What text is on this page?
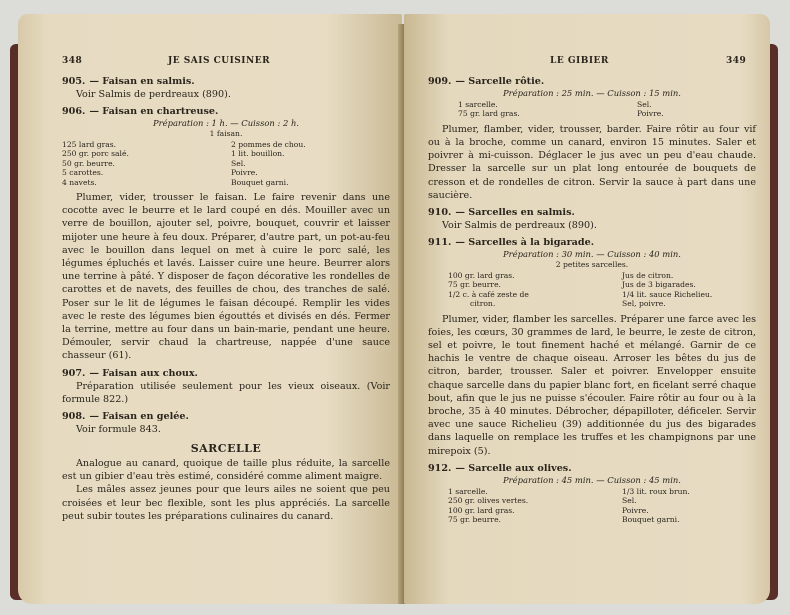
348	JE SAIS CUISINER
905. — Faisan en salmis.
Voir Salmis de perdreaux (890).
906. — Faisan en chartreuse.
Préparation : 1 h. — Cuisson : 2 h.
1 faisan.
125 lard gras.
250 gr. porc salé.
50 gr. beurre.
5 carottes.
4 navets.
2 pommes de chou.
1 lit. bouillon.
Sel.
Poivre.
Bouquet garni.

Plumer, vider, trousser le faisan. Le faire revenir dans une cocotte avec le beurre et le lard coupé en dés. Mouiller avec un verre de bouillon, ajouter sel, poivre, bouquet, couvrir et laisser mijoter une heure à feu doux. Préparer, d'autre part, un pot-au-feu avec le bouillon dans lequel on met à cuire le porc salé, les légumes épluchés et lavés. Laisser cuire une heure. Beurrer alors une terrine à pâté. Y disposer de façon décorative les rondelles de carottes et de navets, des feuilles de chou, des tranches de salé. Poser sur le lit de légumes le faisan découpé. Remplir les vides avec le reste des légumes bien égouttés et divisés en dés. Fermer la terrine, mettre au four dans un bain-marie, pendant une heure. Démouler, servir chaud la chartreuse, nappée d'une sauce chasseur (61).

907. — Faisan aux choux.

Préparation utilisée seulement pour les vieux oiseaux. (Voir formule 822.)

908. — Faisan en gelée.
Voir formule 843.
SARCELLE

Analogue au canard, quoique de taille plus réduite, la sarcelle est un gibier d'eau très estimé, considéré comme aliment maigre.

Les mâles assez jeunes pour que leurs ailes ne soient que peu croisées et leur bec flexible, sont les plus appréciés. La sarcelle peut subir toutes les préparations culinaires du canard.

LE GIBIER	349
909. — Sarcelle rôtie.
Préparation : 25 min. — Cuisson : 15 min.
1 sarcelle.
75 gr. lard gras.
Sel.
Poivre.

Plumer, flamber, vider, trousser, barder. Faire rôtir au four vif ou à la broche, comme un canard, environ 15 minutes. Saler et poivrer à mi-cuisson. Déglacer le jus avec un peu d'eau chaude. Dresser la sarcelle sur un plat long entourée de bouquets de cresson et de rondelles de citron. Servir la sauce à part dans une saucière.

910. — Sarcelles en salmis.
Voir Salmis de perdreaux (890).
911. — Sarcelles à la bigarade.
Préparation : 30 min. — Cuisson : 40 min.
2 petites sarcelles.
100 gr. lard gras.
75 gr. beurre.
1/2 c. à café zeste de
citron.
Jus de citron.
Jus de 3 bigarades.
1/4 lit. sauce Richelieu.
Sel, poivre.

Plumer, vider, flamber les sarcelles. Préparer une farce avec les foies, les cœurs, 30 grammes de lard, le beurre, le zeste de citron, sel et poivre, le tout finement haché et mélangé. Garnir de ce hachis le ventre de chaque oiseau. Arroser les bêtes du jus de citron, barder, trousser. Saler et poivrer. Envelopper ensuite chaque sarcelle dans du papier blanc fort, en ficelant serré chaque bout, afin que le jus ne puisse s'écouler. Faire rôtir au four ou à la broche, 35 à 40 minutes. Débrocher, dépapilloter, déficeler. Servir avec une sauce Richelieu (39) additionnée du jus des bigarades dans laquelle on remplace les truffes et les champignons par une mirepoix (5).

912. — Sarcelle aux olives.
Préparation : 45 min. — Cuisson : 45 min.
1 sarcelle.
250 gr. olives vertes.
100 gr. lard gras.
75 gr. beurre.
1/3 lit. roux brun.
Sel.
Poivre.
Bouquet garni.
